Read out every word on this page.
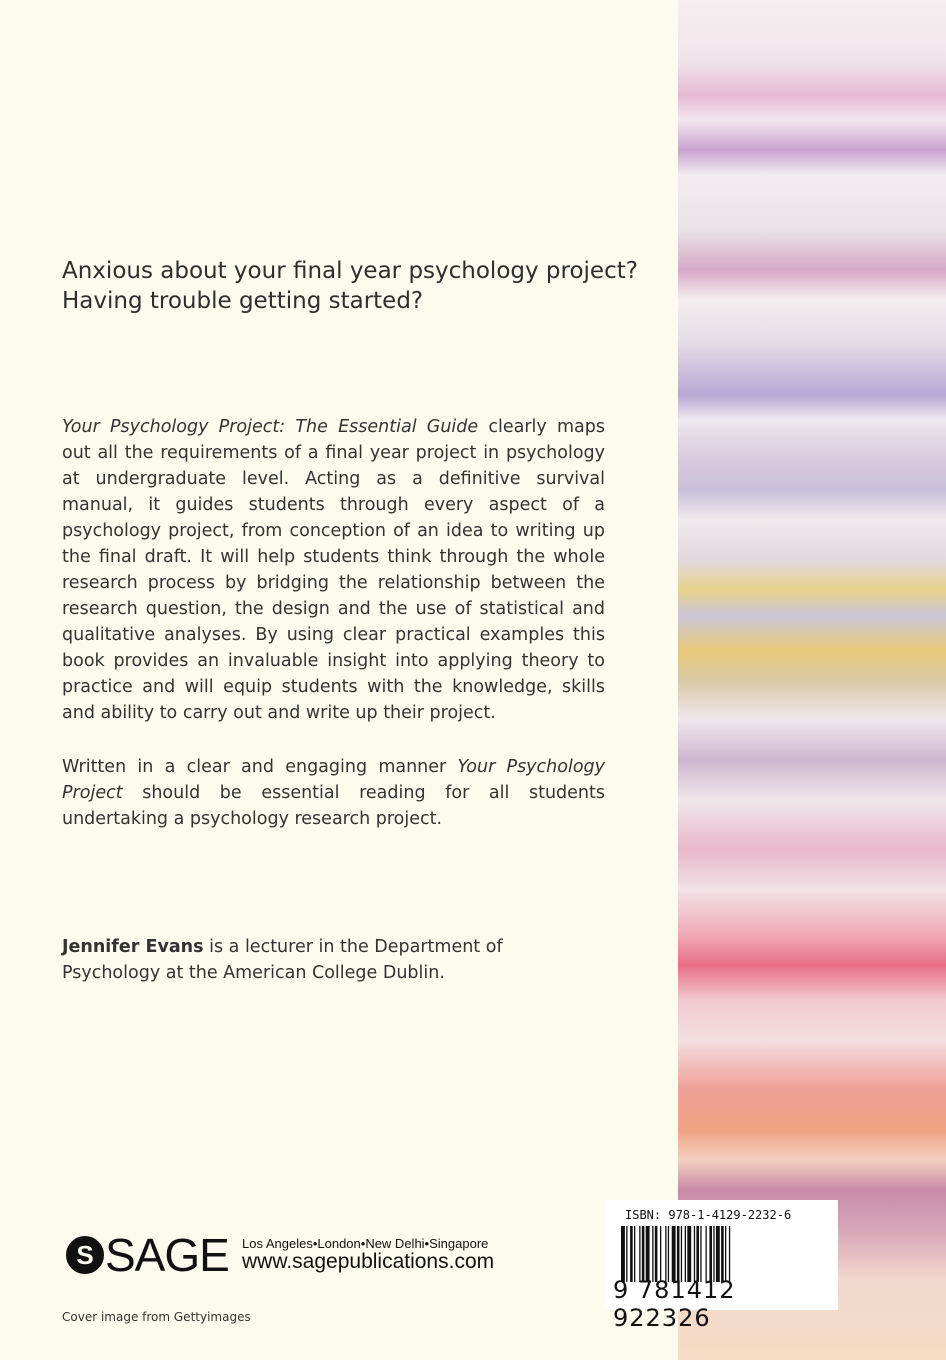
Anxious about your final year psychology project?
Having trouble getting started?
Your Psychology Project: The Essential Guide clearly maps out all the requirements of a final year project in psychology at undergraduate level. Acting as a definitive survival manual, it guides students through every aspect of a psychology project, from conception of an idea to writing up the final draft. It will help students think through the whole research process by bridging the relationship between the research question, the design and the use of statistical and qualitative analyses. By using clear practical examples this book provides an invaluable insight into applying theory to practice and will equip students with the knowledge, skills and ability to carry out and write up their project.
Written in a clear and engaging manner Your Psychology Project should be essential reading for all students undertaking a psychology research project.
Jennifer Evans is a lecturer in the Department of Psychology at the American College Dublin.
S SAGE Los Angeles•London•New Delhi•Singapore
www.sagepublications.com
Cover image from Gettyimages
ISBN: 978-1-4129-2232-6
9 781412 922326
